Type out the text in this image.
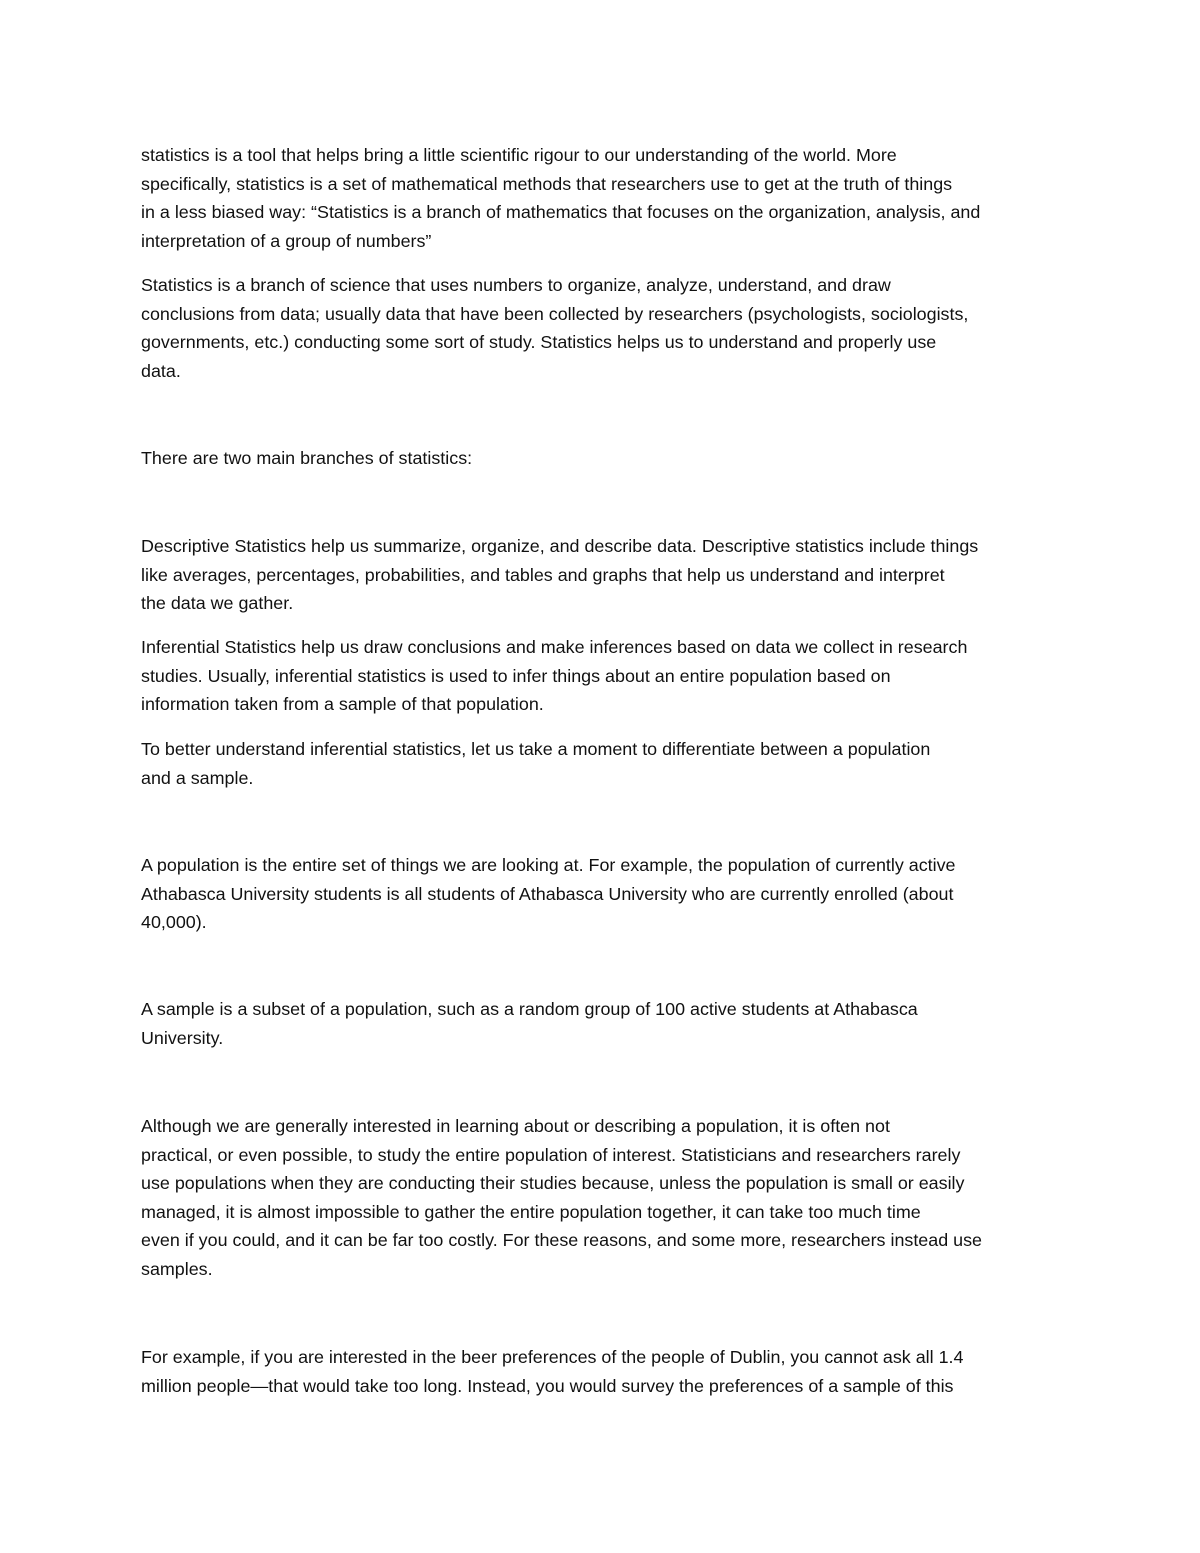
statistics is a tool that helps bring a little scientific rigour to our understanding of the world. More
specifically, statistics is a set of mathematical methods that researchers use to get at the truth of things
in a less biased way: “Statistics is a branch of mathematics that focuses on the organization, analysis, and
interpretation of a group of numbers”

Statistics is a branch of science that uses numbers to organize, analyze, understand, and draw
conclusions from data; usually data that have been collected by researchers (psychologists, sociologists,
governments, etc.) conducting some sort of study. Statistics helps us to understand and properly use
data.

There are two main branches of statistics:

Descriptive Statistics help us summarize, organize, and describe data. Descriptive statistics include things
like averages, percentages, probabilities, and tables and graphs that help us understand and interpret
the data we gather.

Inferential Statistics help us draw conclusions and make inferences based on data we collect in research
studies. Usually, inferential statistics is used to infer things about an entire population based on
information taken from a sample of that population.

To better understand inferential statistics, let us take a moment to differentiate between a population
and a sample.

A population is the entire set of things we are looking at. For example, the population of currently active
Athabasca University students is all students of Athabasca University who are currently enrolled (about
40,000).

A sample is a subset of a population, such as a random group of 100 active students at Athabasca
University.

Although we are generally interested in learning about or describing a population, it is often not
practical, or even possible, to study the entire population of interest. Statisticians and researchers rarely
use populations when they are conducting their studies because, unless the population is small or easily
managed, it is almost impossible to gather the entire population together, it can take too much time
even if you could, and it can be far too costly. For these reasons, and some more, researchers instead use
samples.

For example, if you are interested in the beer preferences of the people of Dublin, you cannot ask all 1.4
million people—that would take too long. Instead, you would survey the preferences of a sample of this
